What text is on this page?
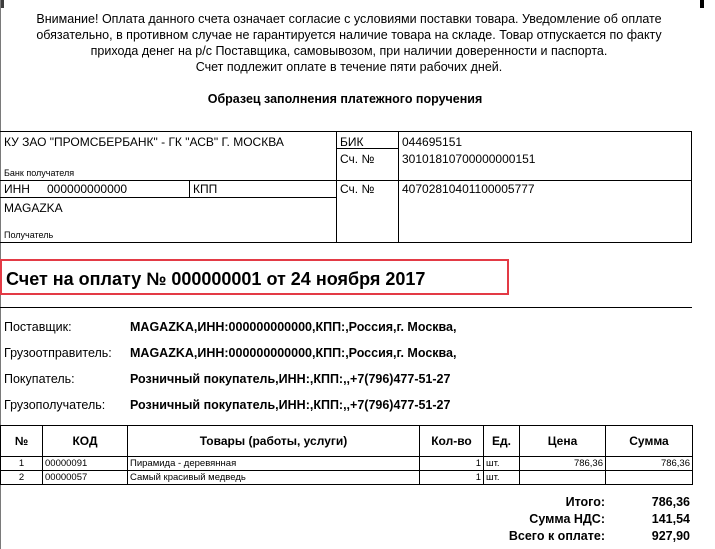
Внимание! Оплата данного счета означает согласие с условиями поставки товара. Уведомление об оплате
обязательно, в противном случае не гарантируется наличие товара на складе. Товар отпускается по факту
прихода денег на р/с Поставщика, самовывозом, при наличии доверенности и паспорта.
Счет подлежит оплате в течение пяти рабочих дней.
Образец заполнения платежного поручения
КУ ЗАО "ПРОМСБЕРБАНК" - ГК "АСВ" Г. МОСКВА
Банк получателя
БИК	044695151
Сч. № 30101810700000000151
ИНН 000000000000	КПП	Сч. № 40702810401100005777
MAGAZKA
Получатель
Счет на оплату № 000000001 от 24 ноября 2017
Поставщик:	MAGAZKA,ИНН:000000000000,КПП:,Россия,г. Москва,
Грузоотправитель: MAGAZKA,ИНН:000000000000,КПП:,Россия,г. Москва,
Покупатель:	Розничный покупатель,ИНН:,КПП:,,+7(796)477-51-27
Грузополучатель: Розничный покупатель,ИНН:,КПП:,,+7(796)477-51-27
№	КОД	Товары (работы, услуги)	Кол-во	Ед.	Цена	Сумма
1	00000091	Пирамида - деревянная	1	шт.	786,36	786,36
2	00000057	Самый красивый медведь	1	шт.		
Итого:	786,36
Сумма НДС:	141,54
Всего к оплате:	927,90
